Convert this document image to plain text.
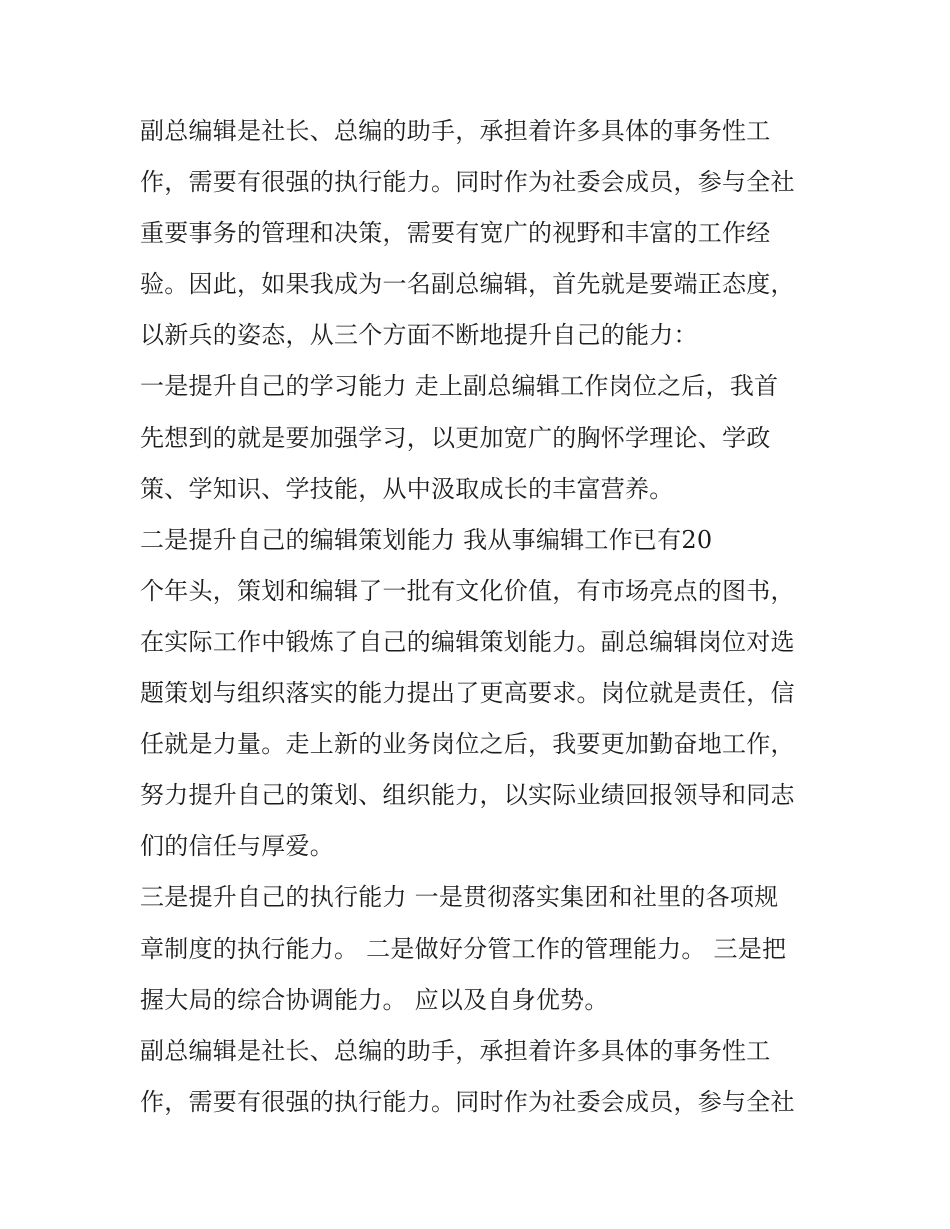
副总编辑是社长、总编的助手，承担着许多具体的事务性工
作，需要有很强的执行能力。同时作为社委会成员，参与全社
重要事务的管理和决策，需要有宽广的视野和丰富的工作经
验。因此，如果我成为一名副总编辑，首先就是要端正态度，
以新兵的姿态，从三个方面不断地提升自己的能力：
一是提升自己的学习能力 走上副总编辑工作岗位之后，我首
先想到的就是要加强学习，以更加宽广的胸怀学理论、学政
策、学知识、学技能，从中汲取成长的丰富营养。
二是提升自己的编辑策划能力 我从事编辑工作已有20
个年头，策划和编辑了一批有文化价值，有市场亮点的图书，
在实际工作中锻炼了自己的编辑策划能力。副总编辑岗位对选
题策划与组织落实的能力提出了更高要求。岗位就是责任，信
任就是力量。走上新的业务岗位之后，我要更加勤奋地工作，
努力提升自己的策划、组织能力，以实际业绩回报领导和同志
们的信任与厚爱。
三是提升自己的执行能力 一是贯彻落实集团和社里的各项规
章制度的执行能力。 二是做好分管工作的管理能力。 三是把
握大局的综合协调能力。 应以及自身优势。
副总编辑是社长、总编的助手，承担着许多具体的事务性工
作，需要有很强的执行能力。同时作为社委会成员，参与全社
